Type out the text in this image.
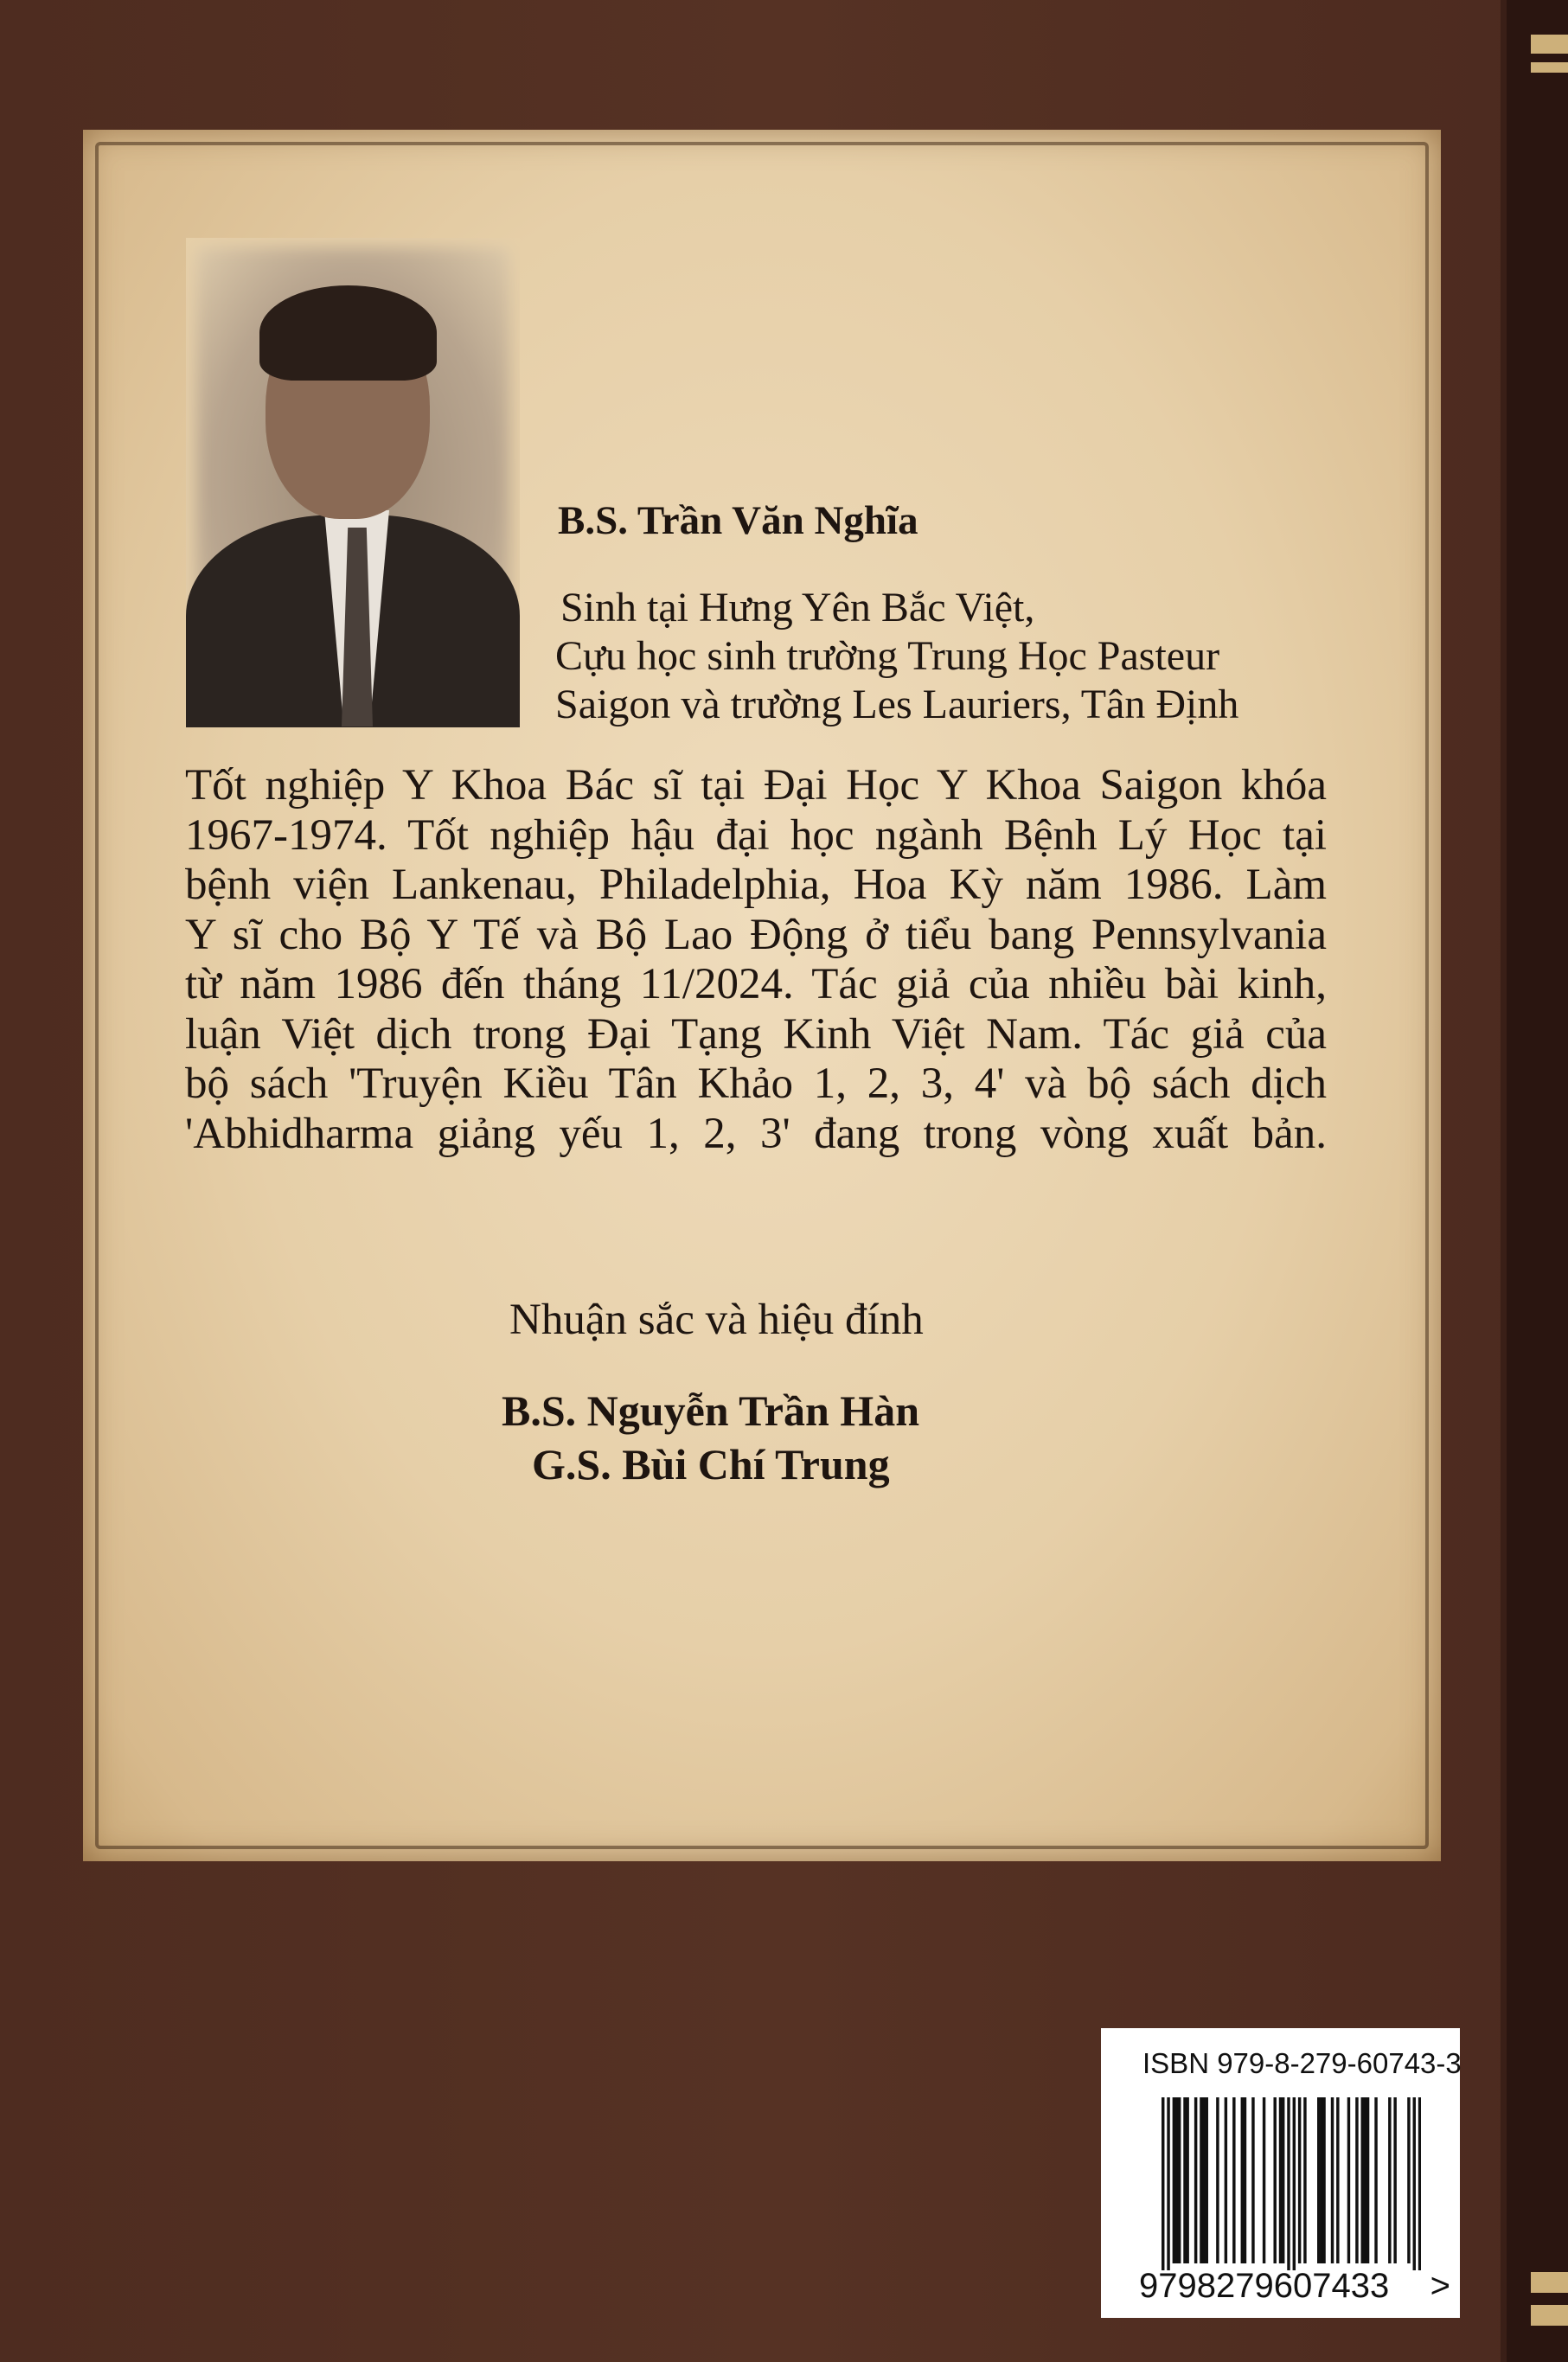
B.S. Trần Văn Nghĩa
Sinh tại Hưng Yên Bắc Việt,
Cựu học sinh trường Trung Học Pasteur
Saigon và trường Les Lauriers, Tân Định
Tốt nghiệp Y Khoa Bác sĩ tại Đại Học Y Khoa Saigon khóa
1967-1974. Tốt nghiệp hậu đại học ngành Bệnh Lý Học tại
bệnh viện Lankenau, Philadelphia, Hoa Kỳ năm 1986. Làm
Y sĩ cho Bộ Y Tế và Bộ Lao Động ở tiểu bang Pennsylvania
từ năm 1986 đến tháng 11/2024. Tác giả của nhiều bài kinh,
luận Việt dịch trong Đại Tạng Kinh Việt Nam. Tác giả của
bộ sách 'Truyện Kiều Tân Khảo 1, 2, 3, 4' và bộ sách dịch
'Abhidharma giảng yếu 1, 2, 3' đang trong vòng xuất bản.
Nhuận sắc và hiệu đính
B.S. Nguyễn Trần Hàn
G.S. Bùi Chí Trung
ISBN 979-8-279-60743-3
9798279607433 >
